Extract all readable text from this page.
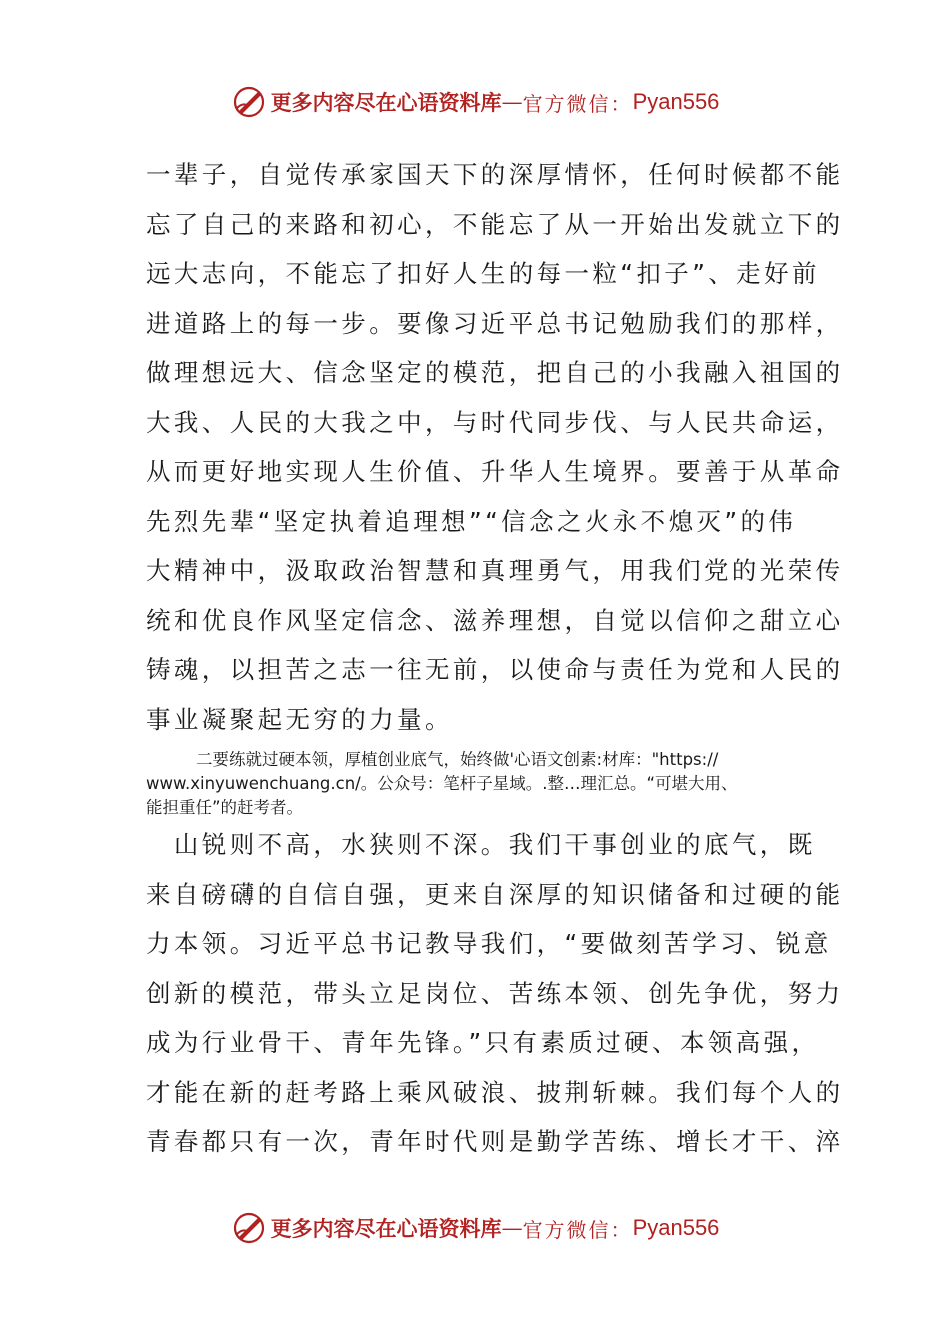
更多内容尽在心语资料库 — 官方微信： Pyan556
一辈子，自觉传承家国天下的深厚情怀，任何时候都不能
忘了自己的来路和初心，不能忘了从一开始出发就立下的
远大志向，不能忘了扣好人生的每一粒“扣子”、走好前
进道路上的每一步。要像习近平总书记勉励我们的那样，
做理想远大、信念坚定的模范，把自己的小我融入祖国的
大我、人民的大我之中，与时代同步伐、与人民共命运，
从而更好地实现人生价值、升华人生境界。要善于从革命
先烈先辈“坚定执着追理想”“信念之火永不熄灭”的伟
大精神中，汲取政治智慧和真理勇气，用我们党的光荣传
统和优良作风坚定信念、滋养理想，自觉以信仰之甜立心
铸魂，以担苦之志一往无前，以使命与责任为党和人民的
事业凝聚起无穷的力量。
二要练就过硬本领，厚植创业底气，始终做'心语文创素:材库："https://
www.xinyuwenchuang.cn/。公众号：笔杆子星域。.整…理汇总。“可堪大用、
能担重任”的赶考者。
　山锐则不高，水狭则不深。我们干事创业的底气，既
来自磅礴的自信自强，更来自深厚的知识储备和过硬的能
力本领。习近平总书记教导我们，“要做刻苦学习、锐意
创新的模范，带头立足岗位、苦练本领、创先争优，努力
成为行业骨干、青年先锋。”只有素质过硬、本领高强，
才能在新的赶考路上乘风破浪、披荆斩棘。我们每个人的
青春都只有一次，青年时代则是勤学苦练、增长才干、淬
更多内容尽在心语资料库 — 官方微信： Pyan556
